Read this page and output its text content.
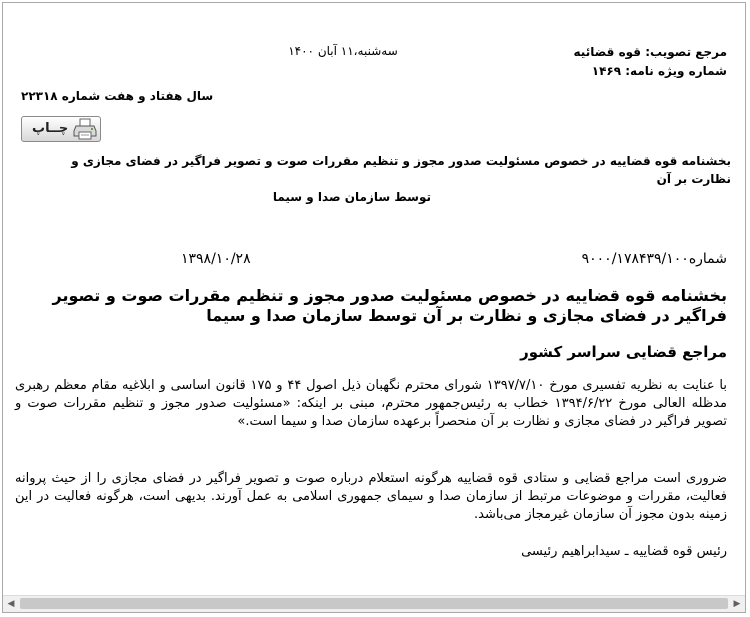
مرجع تصویب: قوه قضائیه
شماره ویژه نامه: ۱۴۶۹
سه‌شنبه،۱۱ آبان ۱۴۰۰
سال هفتاد و هفت شماره ۲۲۳۱۸
چــاپ
بخشنامه قوه قضاییه در خصوص مسئولیت صدور مجوز و تنظیم مقررات صوت و تصویر فراگیر در فضای مجازی و نظارت بر آن
توسط سازمان صدا و سیما
شماره۹۰۰۰/۱۷۸۴۳۹/۱۰۰
۱۳۹۸/۱۰/۲۸
بخشنامه قوه قضاییه در خصوص مسئولیت صدور مجوز و تنظیم مقررات صوت و تصویر فراگیر در فضای مجازی و نظارت بر آن توسط سازمان صدا و سیما
مراجع قضایی سراسر کشور

با عنایت به نظریه تفسیری مورخ ۱۳۹۷/۷/۱۰ شورای محترم نگهبان ذیل اصول ۴۴ و ۱۷۵ قانون اساسی و ابلاغیه مقام معظم رهبری مدظله العالی مورخ ۱۳۹۴/۶/۲۲ خطاب به رئیس‌جمهور محترم، مبنی بر اینکه: «مسئولیت صدور مجوز و تنظیم مقررات صوت و تصویر فراگیر در فضای مجازی و نظارت بر آن منحصراً برعهده سازمان صدا و سیما است.»

ضروری است مراجع قضایی و ستادی قوه قضاییه هرگونه استعلام درباره صوت و تصویر فراگیر در فضای مجازی را از حیث پروانه فعالیت، مقررات و موضوعات مرتبط از سازمان صدا و سیمای جمهوری اسلامی به عمل آورند. بدیهی است، هرگونه فعالیت در این زمینه بدون مجوز آن سازمان غیرمجاز می‌باشد.

رئیس قوه قضاییه ـ سیدابراهیم رئیسی
◀	▶
